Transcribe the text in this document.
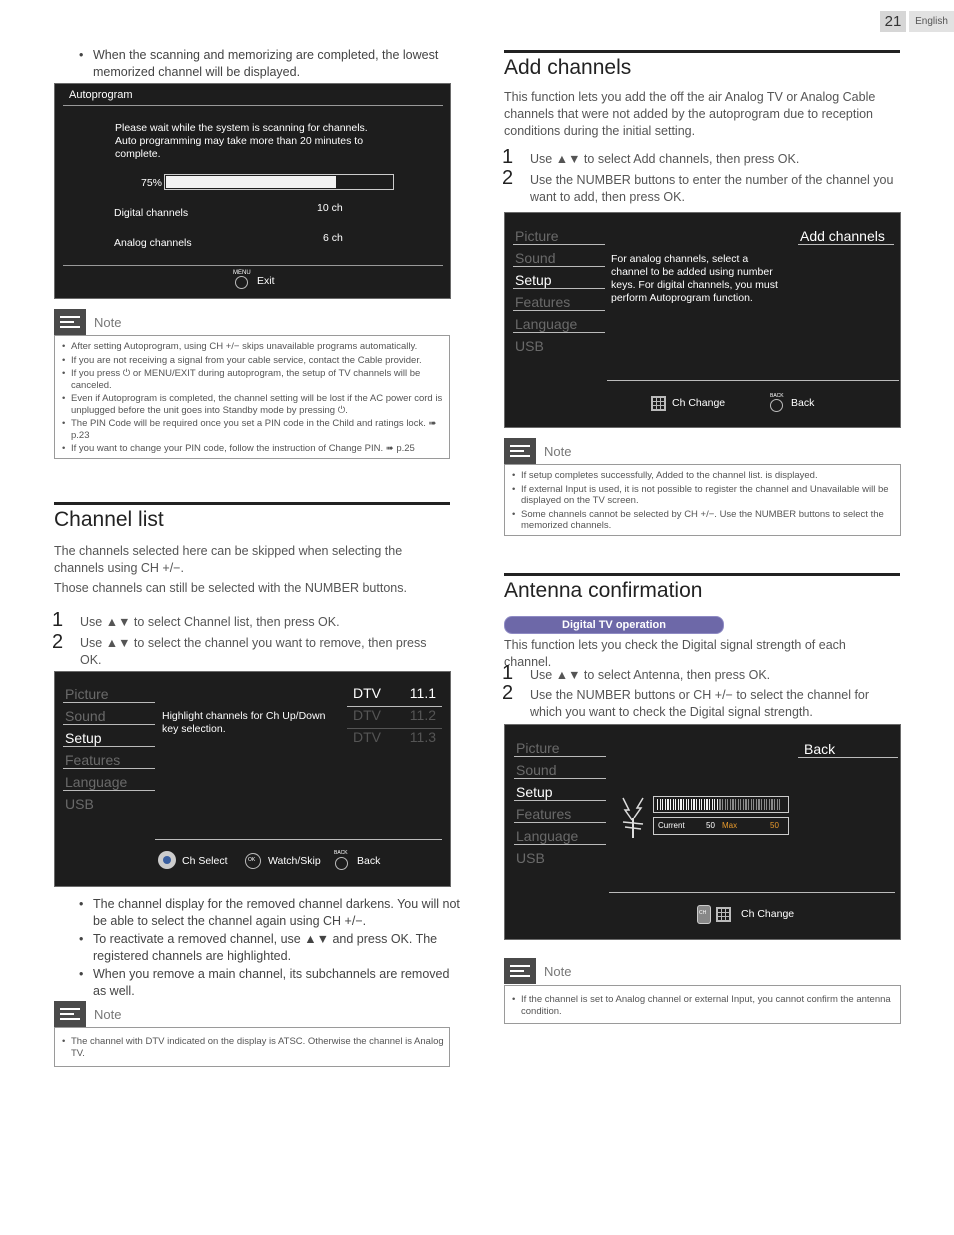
21	English
• When the scanning and memorizing are completed, the lowest memorized channel will be displayed.
Autoprogram
Please wait while the system is scanning for channels. Auto programming may take more than 20 minutes to complete.
75%
Digital channels	10 ch
Analog channels	6 ch
MENU
Exit
Note
• After setting Autoprogram, using CH +/− skips unavailable programs automatically.
• If you are not receiving a signal from your cable service, contact the Cable provider.
• If you press ⏻ or MENU/EXIT during autoprogram, the setup of TV channels will be canceled.
• Even if Autoprogram is completed, the channel setting will be lost if the AC power cord is unplugged before the unit goes into Standby mode by pressing ⏻.
• The PIN Code will be required once you set a PIN code in the Child and ratings lock. ➠ p.23
• If you want to change your PIN code, follow the instruction of Change PIN. ➠ p.25
Channel list
The channels selected here can be skipped when selecting the channels using CH +/−.
Those channels can still be selected with the NUMBER buttons.
1 Use ▲▼ to select Channel list, then press OK.
2 Use ▲▼ to select the channel you want to remove, then press OK.
Picture
Sound
Setup
Features
Language
USB
Highlight channels for Ch Up/Down key selection.
DTV 11.1
DTV 11.2
DTV 11.3
Ch Select	OK Watch/Skip
BACK
Back
• The channel display for the removed channel darkens. You will not be able to select the channel again using CH +/−.
• To reactivate a removed channel, use ▲▼ and press OK. The registered channels are highlighted.
• When you remove a main channel, its subchannels are removed as well.
Note
• The channel with DTV indicated on the display is ATSC. Otherwise the channel is Analog TV.
Add channels
This function lets you add the off the air Analog TV or Analog Cable channels that were not added by the autoprogram due to reception conditions during the initial setting.
1 Use ▲▼ to select Add channels, then press OK.
2 Use the NUMBER buttons to enter the number of the channel you want to add, then press OK.
Picture
Sound
Setup
Features
Language
USB
For analog channels, select a channel to be added using number keys. For digital channels, you must perform Autoprogram function.
Add channels
Ch Change
BACK
Back
Note
• If setup completes successfully, Added to the channel list. is displayed.
• If external Input is used, it is not possible to register the channel and Unavailable will be displayed on the TV screen.
• Some channels cannot be selected by CH +/−. Use the NUMBER buttons to select the memorized channels.
Antenna confirmation
Digital TV operation
This function lets you check the Digital signal strength of each channel.
1 Use ▲▼ to select Antenna, then press OK.
2 Use the NUMBER buttons or CH +/− to select the channel for which you want to check the Digital signal strength.
Picture
Sound
Setup
Features
Language
USB
Back
Current	50 Max	50
CH	Ch Change
Note
• If the channel is set to Analog channel or external Input, you cannot confirm the antenna condition.
